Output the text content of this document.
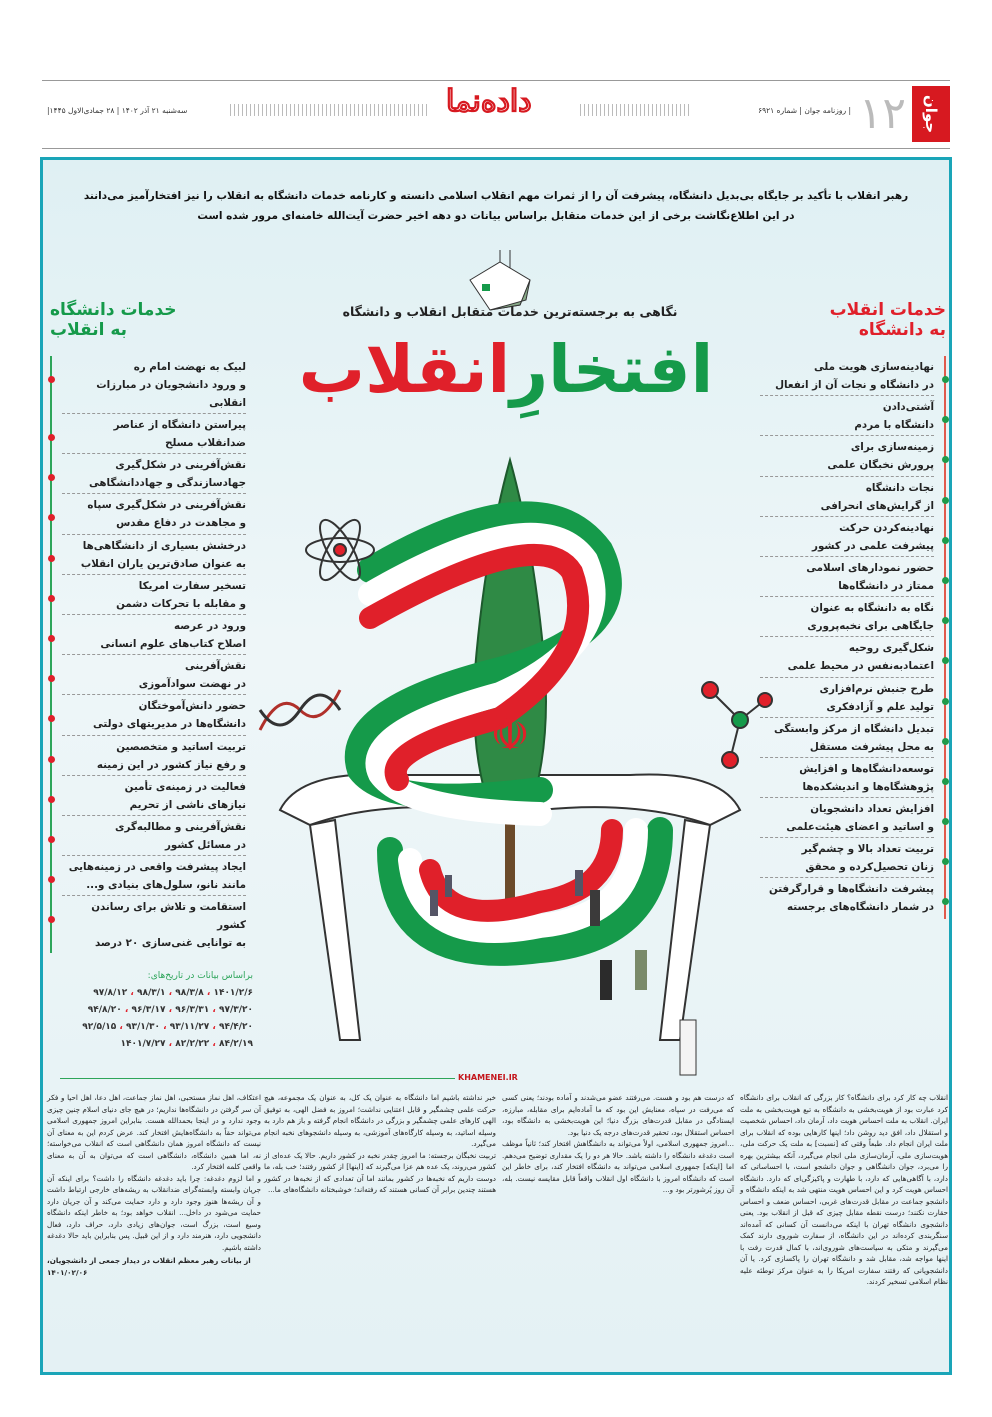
جوان
۱۲
| روزنامه جوان | شماره ۶۹۲۱
داده‌نما
سه‌شنبه ۲۱ آذر ۱۴۰۲ | ۲۸ جمادی‌الاول ۱۴۴۵|
رهبر انقلاب با تأکید بر جایگاه بی‌بدیل دانشگاه، پیشرفت آن را از ثمرات مهم انقلاب اسلامی دانسته و کارنامه خدمات دانشگاه به انقلاب را نیز افتخارآمیز می‌دانند
در این اطلاع‌نگاشت برخی از این خدمات متقابل براساس بیانات دو دهه اخیر حضرت آیت‌الله خامنه‌ای مرور شده است
☫
نگاهی به برجسته‌ترین خدمات متقابل انقلاب و دانشگاه
افتخارِانقلاب
خدمات انقلاب
به دانشگاه
نهادینه‌سازی هویت ملی
در دانشگاه و نجات آن از انفعال
آشتی‌دادن
دانشگاه با مردم
زمینه‌سازی برای
پرورش نخبگان علمی
نجات دانشگاه
از گرایش‌های انحرافی
نهادینه‌کردن حرکت
پیشرفت علمی در کشور
حضور نمودارهای اسلامی
ممتاز در دانشگاه‌ها
نگاه به دانشگاه به عنوان
جایگاهی برای نخبه‌پروری
شکل‌گیری روحیه
اعتمادبه‌نفس در محیط علمی
طرح جنبش نرم‌افزاری
تولید علم و آزادفکری
تبدیل دانشگاه از مرکز وابستگی
به محل پیشرفت مستقل
توسعه‌دانشگاه‌ها و افزایش
پژوهشگاه‌ها و اندیشکده‌ها
افزایش تعداد دانشجویان
و اساتید و اعضای هیئت‌علمی
تربیت تعداد بالا و چشم‌گیر
زنان تحصیل‌کرده و محقق
پیشرفت دانشگاه‌ها و قرارگرفتن
در شمار دانشگاه‌های برجسته
خدمات دانشگاه
به انقلاب
لبیک به نهضت امام ره
و ورود دانشجویان در مبارزات انقلابی
پیراستن دانشگاه از عناصر
ضدانقلاب مسلح
نقش‌آفرینی در شکل‌گیری
جهادسازندگی و جهاددانشگاهی
نقش‌آفرینی در شکل‌گیری سپاه
و مجاهدت در دفاع مقدس
درخشش بسیاری از دانشگاهی‌ها
به عنوان صادق‌ترین یاران انقلاب
تسخیر سفارت امریکا
و مقابله با تحرکات دشمن
ورود در عرصه
اصلاح کتاب‌های علوم انسانی
نقش‌آفرینی
در نهضت سوادآموزی
حضور دانش‌آموختگان
دانشگاه‌ها در مدیریتهای دولتی
تربیت اساتید و متخصصین
و رفع نیاز کشور در این زمینه
فعالیت در زمینه‌ی تأمین
نیازهای ناشی از تحریم
نقش‌آفرینی و مطالبه‌گری
در مسائل کشور
ایجاد پیشرفت واقعی در زمینه‌هایی
مانند نانو، سلول‌های بنیادی و...
استقامت و تلاش برای رساندن کشور
به توانایی غنی‌سازی ۲۰ درصد
براساس بیانات در تاریخ‌های:
۱۴۰۱/۲/۶ ، ۹۸/۳/۸ ، ۹۸/۳/۱ ، ۹۷/۸/۱۲
۹۷/۳/۲۰ ، ۹۶/۳/۳۱ ، ۹۶/۳/۱۷ ، ۹۴/۸/۲۰
۹۴/۴/۲۰ ، ۹۳/۱۱/۲۷ ، ۹۳/۱/۳۰ ، ۹۲/۵/۱۵
۸۴/۲/۱۹ ، ۸۲/۲/۲۲ ، ۱۴۰۱/۷/۲۷
KHAMENEI.IR

انقلاب چه کار کرد برای دانشگاه؟ کار بزرگی که انقلاب برای دانشگاه کرد عبارت بود از هویت‌بخشی به دانشگاه به تبع هویت‌بخشی به ملت ایران. انقلاب به ملت احساس هویت داد، آرمان داد، احساس شخصیت و استقلال داد، افق دید روشن داد؛ اینها کارهایی بوده که انقلاب برای ملت ایران انجام داد. طبعاً وقتی که [نسبت] به ملت یک حرکت ملی، هویت‌سازی ملی، آرمان‌سازی ملی انجام می‌گیرد، آنکه بیشترین بهره را می‌برد، جوان دانشگاهی و جوان دانشجو است، با احساساتی که دارد، با آگاهی‌هایی که دارد، با طهارت و پاکیزگی‌ای که دارد. دانشگاه احساس هویت کرد و این احساس هویت منتهی شد به اینکه دانشگاه و دانشجو جماعت در مقابل قدرت‌های غربی، احساس ضعف و احساس حقارت نکنند؛ درست نقطه مقابل چیزی که قبل از انقلاب بود. یعنی دانشجوی دانشگاه تهران با اینکه می‌دانست آن کسانی که آمده‌اند سنگربندی کرده‌اند در این دانشگاه، از سفارت شوروی دارند کمک می‌گیرند و متکی به سیاست‌های شوروی‌اند، با کمال قدرت رفت با اینها مواجه شد، مقابل شد و دانشگاه تهران را پاکسازی کرد. یا آن دانشجویانی که رفتند سفارت امریکا را به عنوان مرکز توطئه علیه نظام اسلامی تسخیر کردند.

که درست هم بود و هست. می‌رفتند عضو می‌شدند و آماده بودند؛ یعنی کسی که می‌رفت در سپاه، معنایش این بود که ما آماده‌ایم برای مقابله، مبارزه، ایستادگی در مقابل قدرت‌های بزرگ دنیا؛ این هویت‌بخشی به دانشگاه بود، احساس استقلال بود، تحقیر قدرت‌های درجه یک دنیا بود.

...امروز جمهوری اسلامی، اولاً می‌تواند به دانشگاهش افتخار کند؛ ثانیاً موظف است دغدغه دانشگاه را داشته باشد. حالا هر دو را یک مقداری توضیح می‌دهم. اما [اینکه] جمهوری اسلامی می‌تواند به دانشگاه افتخار کند، برای خاطر این است که دانشگاه امروز با دانشگاه اول انقلاب واقعاً قابل مقایسه نیست. بله، آن روز پُرشورتر بود و...

خبر نداشته باشیم اما دانشگاه به عنوان یک کل، به عنوان یک مجموعه، هیچ حرکت علمی چشمگیر و قابل اعتنایی نداشت؛ امروز به فضل الهی، به توفیق الهی کارهای علمی چشمگیر و بزرگی در دانشگاه انجام گرفته و باز هم دارد به وسیله اساتید، به وسیله کارگاه‌های آموزشی، به وسیله دانشجوهای نخبه انجام می‌گیرد.

تربیت نخبگان برجسته: ما امروز چقدر نخبه در کشور داریم. حالا یک عده‌ای از کشور می‌روند، یک عده هم عزا می‌گیرند که [اینها] از کشور رفتند؛ خب بله، ما دوست داریم که نخبه‌ها در کشور بمانند اما آن تعدادی که از نخبه‌ها در کشور هستند چندین برابر آن کسانی هستند که رفته‌اند؛ خوشبختانه دانشگاه‌های ما...

اعتکاف، اهل نماز مستحبی، اهل نماز جماعت، اهل دعا، اهل احیا و فکر آن سر گرفتن در دانشگاه‌ها نداریم؛ در هیچ جای دنیای اسلام چنین چیزی وجود ندارد و در اینجا بحمدالله هست. بنابراین امروز جمهوری اسلامی می‌تواند حقاً به دانشگاه‌هایش افتخار کند. عرض کردم این به معنای آن نیست که دانشگاه امروز همان دانشگاهی است که انقلاب می‌خواسته؛ نه، اما همین دانشگاه، دانشگاهی است که می‌توان به آن به معنای واقعی کلمه افتخار کرد.

و اما لزوم دغدغه: چرا باید دغدغه دانشگاه را داشت؟ برای اینکه آن جریان وابسته وابسته‌گرای ضدانقلاب به ریشه‌های خارجی ارتباط داشت و آن ریشه‌ها هنوز وجود دارد و دارد حمایت می‌کند و آن جریان دارد حمایت می‌شود در داخل... انقلاب خواهد بود؛ به خاطر اینکه دانشگاه وسیع است، بزرگ است، جوان‌های زیادی دارد، حراف دارد، فعال دانشجویی دارد، هنرمند دارد و از این قبیل. پس بنابراین باید حالا دغدغه داشته باشیم.

از بیانات رهبر معظم انقلاب در دیدار جمعی از دانشجویان، ۱۴۰۱/۰۲/۰۶
